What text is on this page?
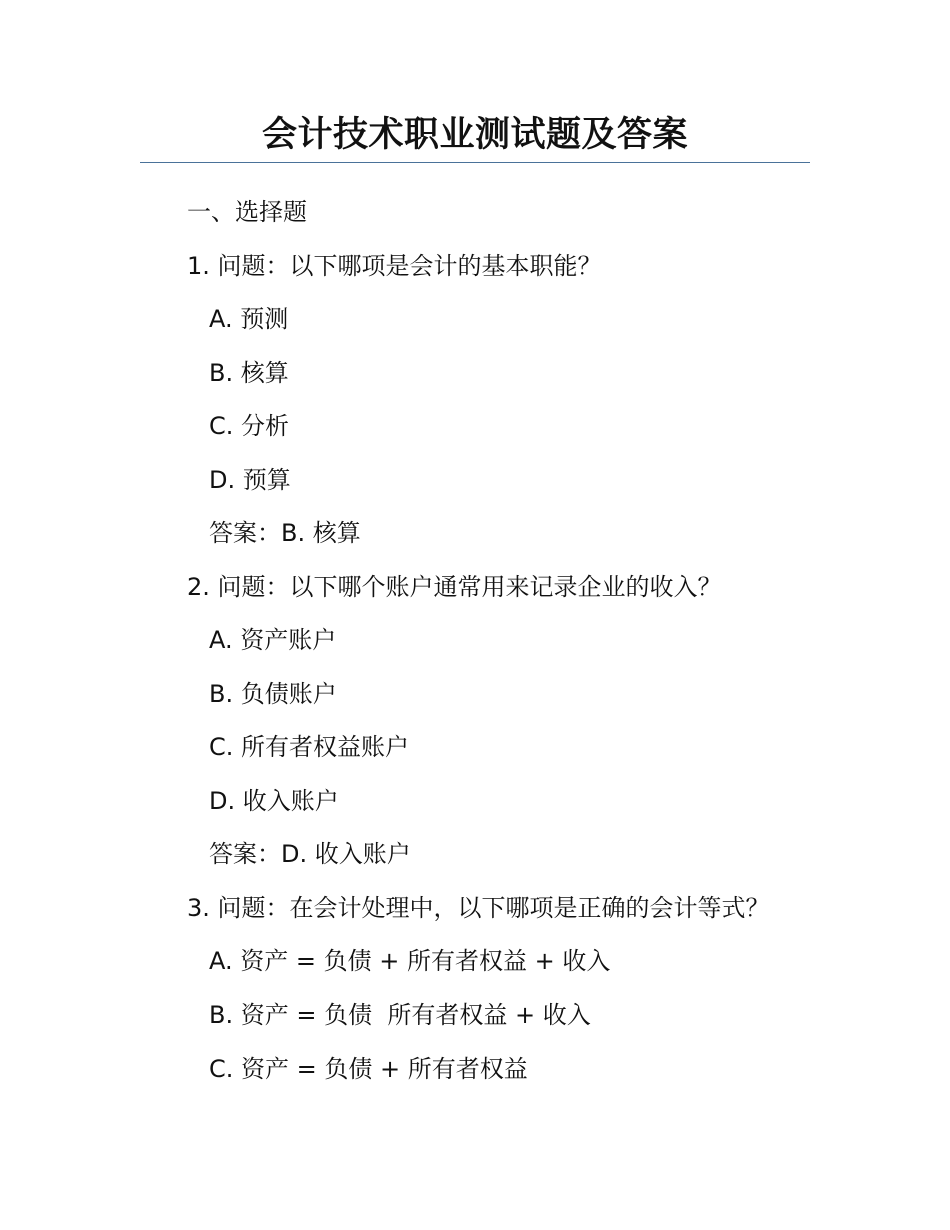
会计技术职业测试题及答案
一、选择题
1. 问题：以下哪项是会计的基本职能？
A. 预测
B. 核算
C. 分析
D. 预算
答案：B. 核算
2. 问题：以下哪个账户通常用来记录企业的收入？
A. 资产账户
B. 负债账户
C. 所有者权益账户
D. 收入账户
答案：D. 收入账户
3. 问题：在会计处理中，以下哪项是正确的会计等式？
A. 资产 = 负债 + 所有者权益 + 收入
B. 资产 = 负债  所有者权益 + 收入
C. 资产 = 负债 + 所有者权益
